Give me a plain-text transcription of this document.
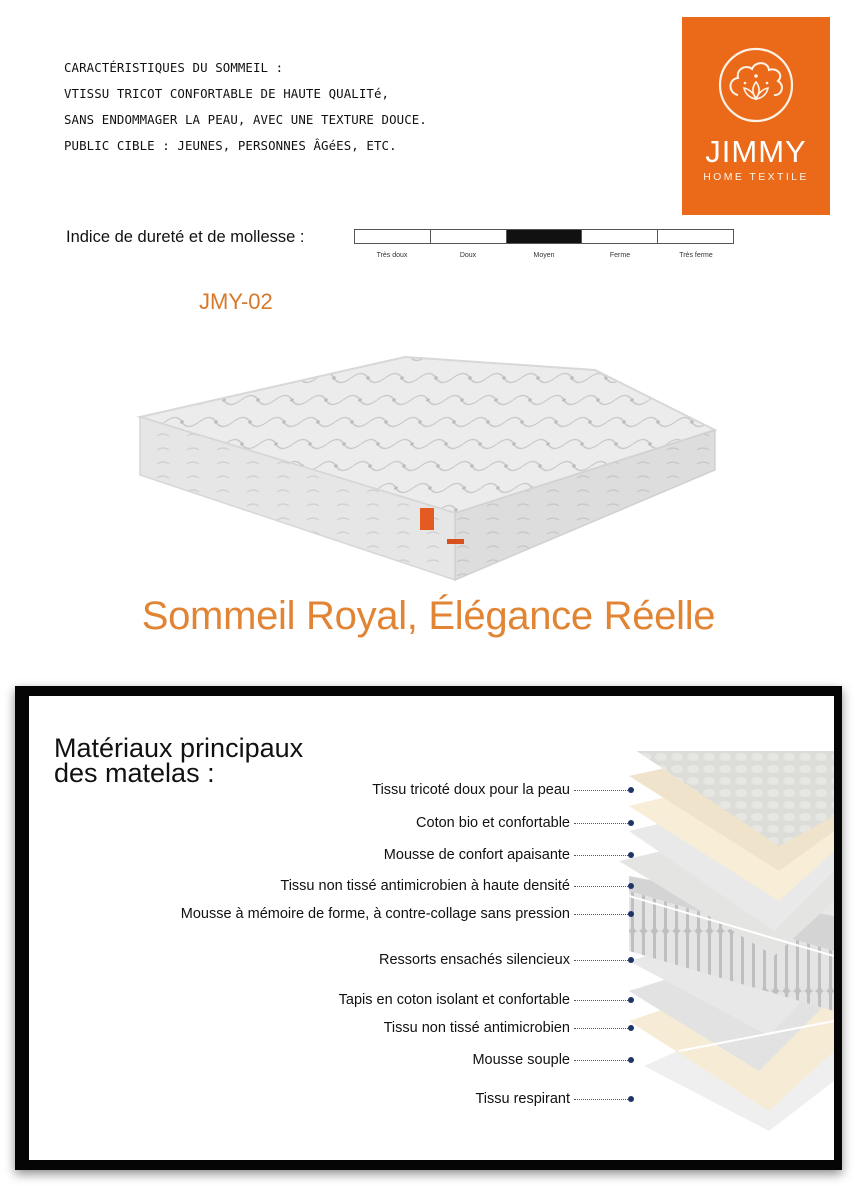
CARACTÉRISTIQUES DU SOMMEIL :
VTISSU TRICOT CONFORTABLE DE HAUTE QUALITé,
SANS ENDOMMAGER LA PEAU, AVEC UNE TEXTURE DOUCE.
PUBLIC CIBLE : JEUNES, PERSONNES ÂGéES, ETC.	JIMMY
HOME TEXTILE
Indice de dureté et de mollesse :
Très doux	Doux	Moyen	Ferme	Très ferme
JMY-02
Sommeil Royal, Élégance Réelle
Matériaux principaux
des matelas :
Tissu tricoté doux pour la peau
Coton bio et confortable
Mousse de confort apaisante
Tissu non tissé antimicrobien à haute densité
Mousse à mémoire de forme, à contre-collage sans pression
Ressorts ensachés silencieux
Tapis en coton isolant et confortable
Tissu non tissé antimicrobien
Mousse souple
Tissu respirant
